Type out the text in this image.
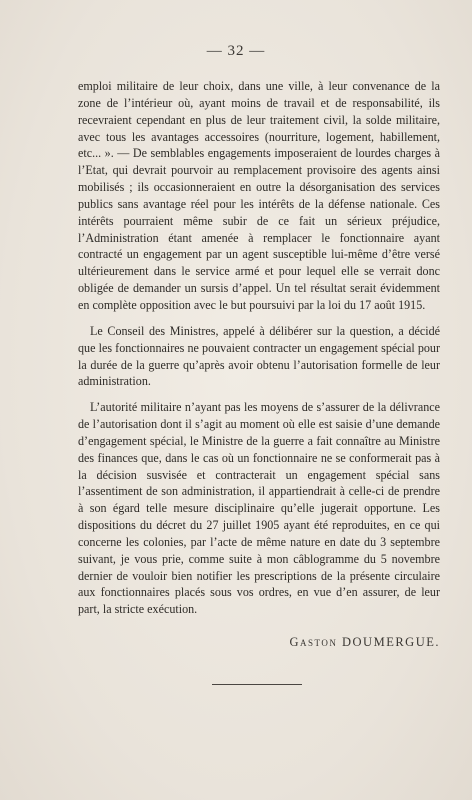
— 32 —

emploi militaire de leur choix, dans une ville, à leur convenance de la zone de l’intérieur où, ayant moins de travail et de responsabilité, ils recevraient cependant en plus de leur traitement civil, la solde militaire, avec tous les avantages accessoires (nourriture, logement, habillement, etc... ». — De semblables engagements imposeraient de lourdes charges à l’Etat, qui devrait pourvoir au remplacement provisoire des agents ainsi mobilisés ; ils occasionneraient en outre la désorganisation des services publics sans avantage réel pour les intérêts de la défense nationale. Ces intérêts pourraient même subir de ce fait un sérieux préjudice, l’Administration étant amenée à remplacer le fonctionnaire ayant contracté un engagement par un agent susceptible lui-même d’être versé ultérieurement dans le service armé et pour lequel elle se verrait donc obligée de demander un sursis d’appel. Un tel résultat serait évidemment en complète opposition avec le but poursuivi par la loi du 17 août 1915.

Le Conseil des Ministres, appelé à délibérer sur la question, a décidé que les fonctionnaires ne pouvaient contracter un engagement spécial pour la durée de la guerre qu’après avoir obtenu l’autorisation formelle de leur administration.

L’autorité militaire n’ayant pas les moyens de s’assurer de la délivrance de l’autorisation dont il s’agit au moment où elle est saisie d’une demande d’engagement spécial, le Ministre de la guerre a fait connaître au Ministre des finances que, dans le cas où un fonctionnaire ne se conformerait pas à la décision susvisée et contracterait un engagement spécial sans l’assentiment de son administration, il appartiendrait à celle-ci de prendre à son égard telle mesure disciplinaire qu’elle jugerait opportune. Les dispositions du décret du 27 juillet 1905 ayant été reproduites, en ce qui concerne les colonies, par l’acte de même nature en date du 3 septembre suivant, je vous prie, comme suite à mon câblogramme du 5 novembre dernier de vouloir bien notifier les prescriptions de la présente circulaire aux fonctionnaires placés sous vos ordres, en vue d’en assurer, de leur part, la stricte exécution.

Gaston DOUMERGUE.
